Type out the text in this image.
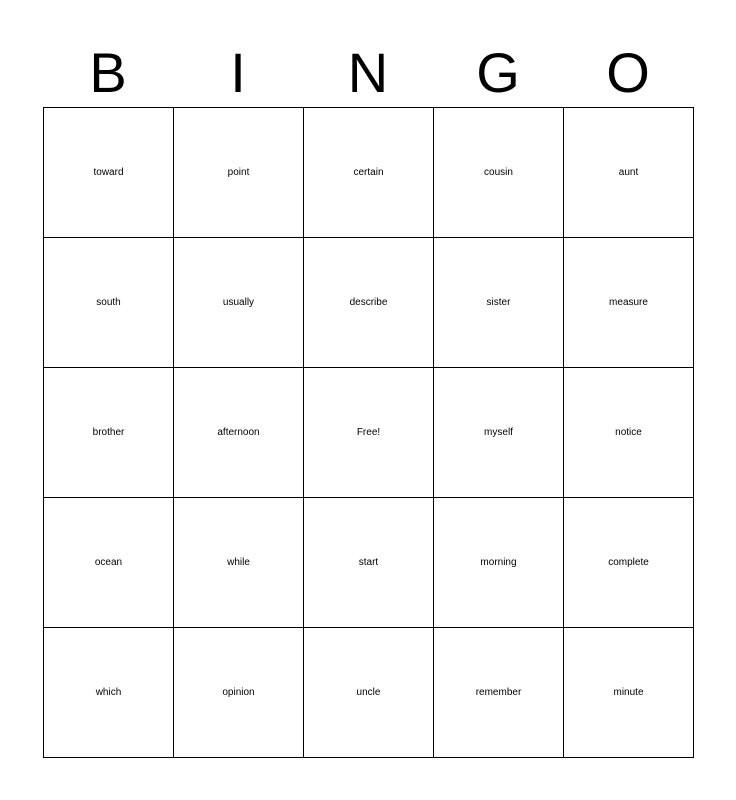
B	I	N	G	O
toward	point	certain	cousin	aunt
south	usually	describe	sister	measure
brother	afternoon	Free!	myself	notice
ocean	while	start	morning	complete
which	opinion	uncle	remember	minute
